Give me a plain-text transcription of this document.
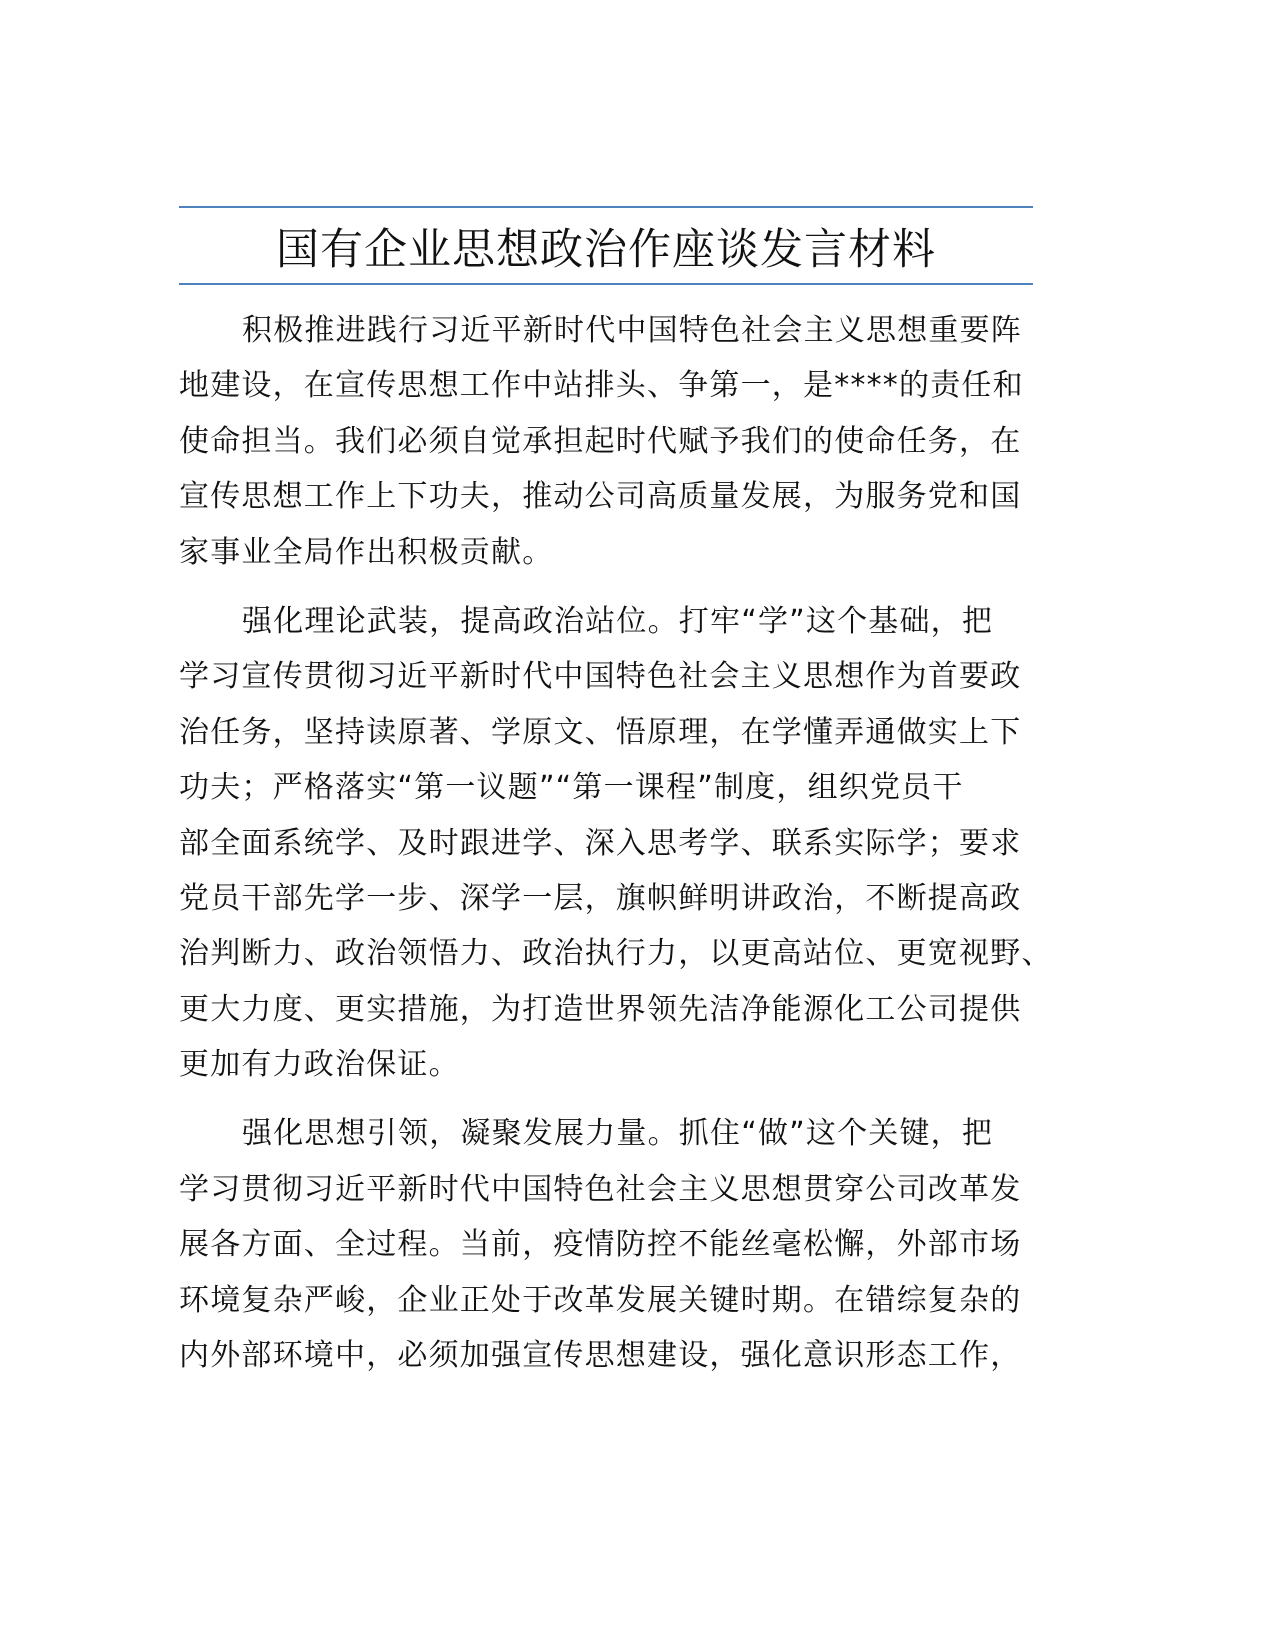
国有企业思想政治作座谈发言材料
积极推进践行习近平新时代中国特色社会主义思想重要阵
地建设，在宣传思想工作中站排头、争第一，是****的责任和
使命担当。我们必须自觉承担起时代赋予我们的使命任务，在
宣传思想工作上下功夫，推动公司高质量发展，为服务党和国
家事业全局作出积极贡献。
强化理论武装，提高政治站位。打牢“学”这个基础，把
学习宣传贯彻习近平新时代中国特色社会主义思想作为首要政
治任务，坚持读原著、学原文、悟原理，在学懂弄通做实上下
功夫；严格落实“第一议题”“第一课程”制度，组织党员干
部全面系统学、及时跟进学、深入思考学、联系实际学；要求
党员干部先学一步、深学一层，旗帜鲜明讲政治，不断提高政
治判断力、政治领悟力、政治执行力，以更高站位、更宽视野、
更大力度、更实措施，为打造世界领先洁净能源化工公司提供
更加有力政治保证。
强化思想引领，凝聚发展力量。抓住“做”这个关键，把
学习贯彻习近平新时代中国特色社会主义思想贯穿公司改革发
展各方面、全过程。当前，疫情防控不能丝毫松懈，外部市场
环境复杂严峻，企业正处于改革发展关键时期。在错综复杂的
内外部环境中，必须加强宣传思想建设，强化意识形态工作，
